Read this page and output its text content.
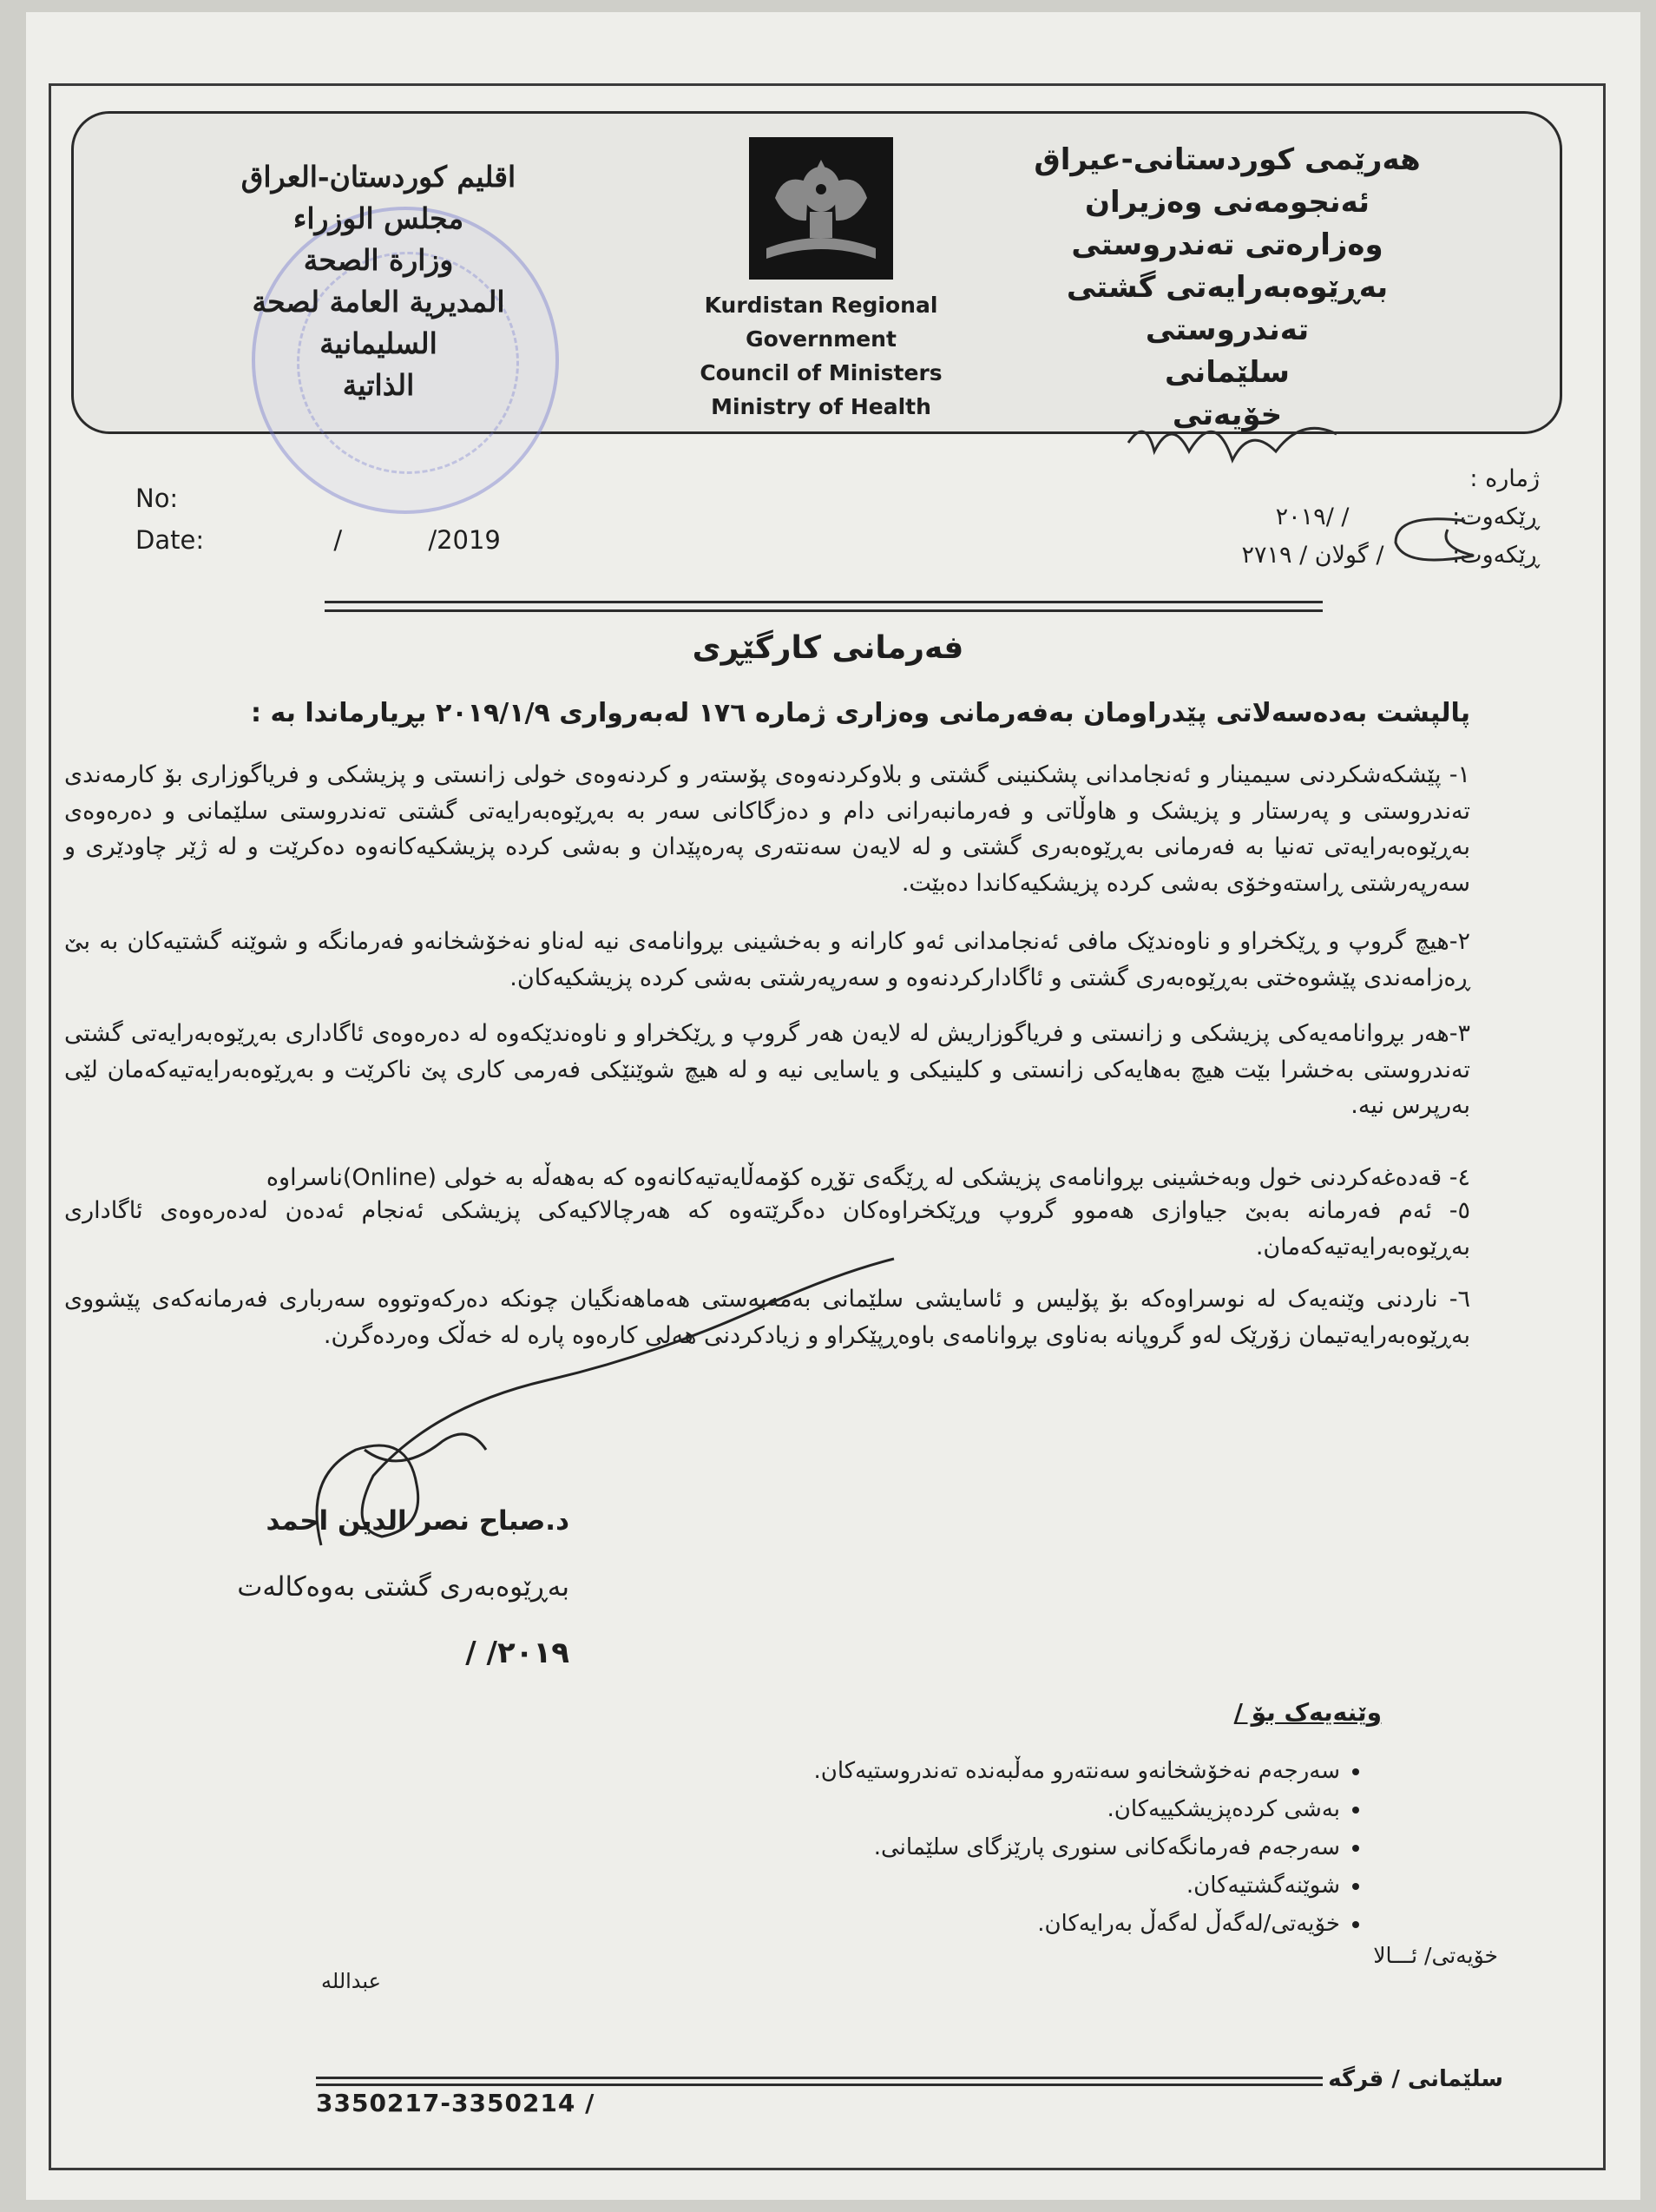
هەرێمی کوردستانی-عیراق
ئەنجومەنی وەزیران
وەزارەتی تەندروستی
بەڕێوەبەرایەتی گشتی تەندروستی
سلێمانی
خۆیەتی
Kurdistan Regional
Government
Council of Ministers
Ministry of Health
اقليم كوردستان-العراق
مجلس الوزراء
وزارة الصحة
المديرية العامة لصحة
السليمانية
الذاتية
No:
Date:	/	/2019
ژمارە :
ڕێکەوت: / /٢٠١٩
ڕێکەوت: / گولان / ٢٧١٩
فەرمانی کارگێڕی
پالپشت بەدەسەلاتی پێدراومان بەفەرمانی وەزاری ژمارە ١٧٦ لەبەرواری ٢٠١٩/١/٩ بڕیارماندا بە :
١- پێشکەشکردنی سیمینار و ئەنجامدانی پشکنینی گشتی و بلاوکردنەوەی پۆستەر و کردنەوەی خولی زانستی و پزیشکی و فریاگوزاری بۆ کارمەندی تەندروستی و پەرستار و پزیشک و هاوڵاتی و فەرمانبەرانی دام و دەزگاکانی سەر بە بەڕێوەبەرایەتی گشتی تەندروستی سلێمانی و دەرەوەی بەڕێوەبەرایەتی تەنیا بە فەرمانی بەڕێوەبەری گشتی و لە لایەن سەنتەری پەرەپێدان و بەشی کردە پزیشکیەکانەوە دەکرێت و لە ژێر چاودێری و سەرپەرشتی ڕاستەوخۆی بەشی کردە پزیشکیەکاندا دەبێت.
٢-هیچ گروپ و ڕێکخراو و ناوەندێک مافی ئەنجامدانی ئەو کارانە و بەخشینی بڕوانامەی نیە لەناو نەخۆشخانەو فەرمانگە و شوێنە گشتیەکان بە بێ ڕەزامەندی پێشوەختی بەڕێوەبەری گشتی و ئاگادارکردنەوە و سەرپەرشتی بەشی کردە پزیشکیەکان.
٣-هەر بڕوانامەیەکی پزیشکی و زانستی و فریاگوزاریش لە لایەن هەر گروپ و ڕێکخراو و ناوەندێکەوە لە دەرەوەی ئاگاداری بەڕێوەبەرایەتی گشتی تەندروستی بەخشرا بێت هیچ بەهایەکی زانستی و کلینیکی و یاسایی نیە و لە هیچ شوێنێکی فەرمی کاری پێ ناکرێت و بەڕێوەبەرایەتیەکەمان لێی بەرپرس نیە.
٤- قەدەغەکردنی خول وبەخشینی بڕوانامەی پزیشکی لە ڕێگەی تۆڕە کۆمەڵایەتیەکانەوە کە بەهەڵە بە خولی (Online)ناسراوە
٥- ئەم فەرمانە بەبێ جیاوازی هەموو گروپ وڕێکخراوەکان دەگرێتەوە کە هەرچالاکیەکی پزیشکی ئەنجام ئەدەن لەدەرەوەی ئاگاداری بەڕێوەبەرایەتیەکەمان.
٦- ناردنی وێنەیەک لە نوسراوەکە بۆ پۆلیس و ئاسایشی سلێمانی بەمەبەستی هەماهەنگیان چونکە دەرکەوتووە سەرباری فەرمانەکەی پێشووی بەڕێوەبەرایەتیمان زۆرێک لەو گروپانە بەناوی بڕوانامەی باوەڕپێکراو و زیادکردنی هەلی کارەوە پارە لە خەڵک وەردەگرن.
د.صباح نصر الدين احمد
بەڕێوەبەری گشتی بەوەکالەت
٢٠١٩/ /
وێنەیەک بۆ /
• سەرجەم نەخۆشخانەو سەنتەرو مەڵبەندە تەندروستیەکان.
• بەشی کردەپزیشکییەکان.
• سەرجەم فەرمانگەکانی سنوری پارێزگای سلێمانی.
• شوێنەگشتیەکان.
• خۆیەتی/لەگەڵ لەگەڵ بەرایەکان.
خۆیەتی/ ئـــالا
عبدالله
سلێمانی / قرگە
3350217-3350214 /
